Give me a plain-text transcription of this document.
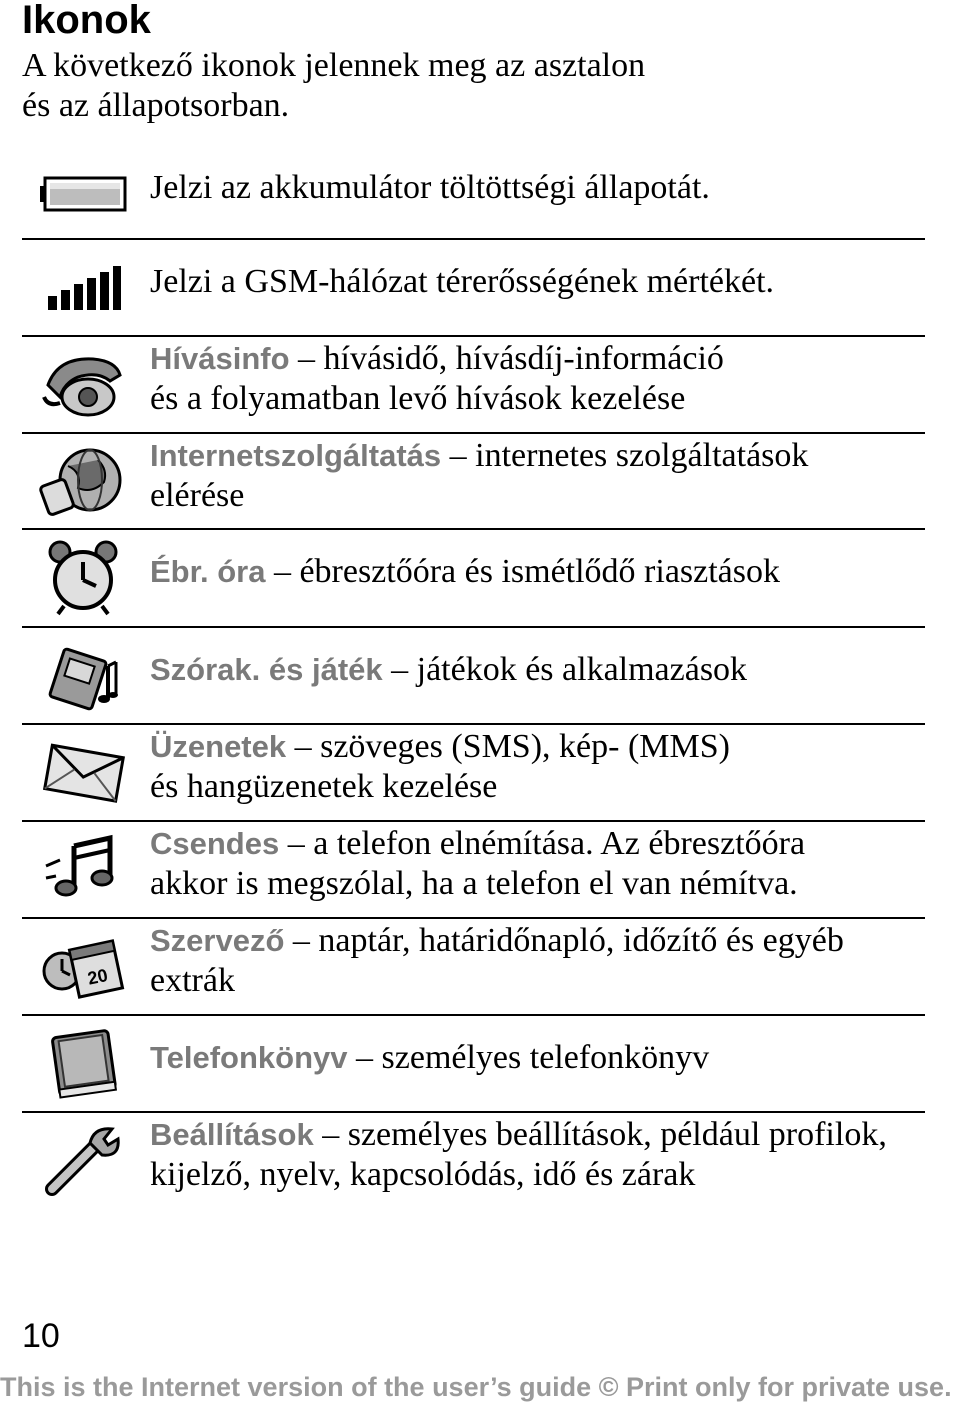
Ikonok
A következő ikonok jelennek meg az asztalon
és az állapotsorban.
Jelzi az akkumulátor töltöttségi állapotát.
Jelzi a GSM-hálózat térerősségének mértékét.
Hívásinfo – hívásidő, hívásdíj-információ
és a folyamatban levő hívások kezelése
Internetszolgáltatás – internetes szolgáltatások
elérése
Ébr. óra – ébresztőóra és ismétlődő riasztások
Szórak. és játék – játékok és alkalmazások
Üzenetek – szöveges (SMS), kép- (MMS)
és hangüzenetek kezelése
Csendes – a telefon elnémítása. Az ébresztőóra
akkor is megszólal, ha a telefon el van némítva.
20
Szervező – naptár, határidőnapló, időzítő és egyéb
extrák
Telefonkönyv – személyes telefonkönyv
Beállítások – személyes beállítások, például profilok,
kijelző, nyelv, kapcsolódás, idő és zárak
10
This is the Internet version of the user’s guide © Print only for private use.
